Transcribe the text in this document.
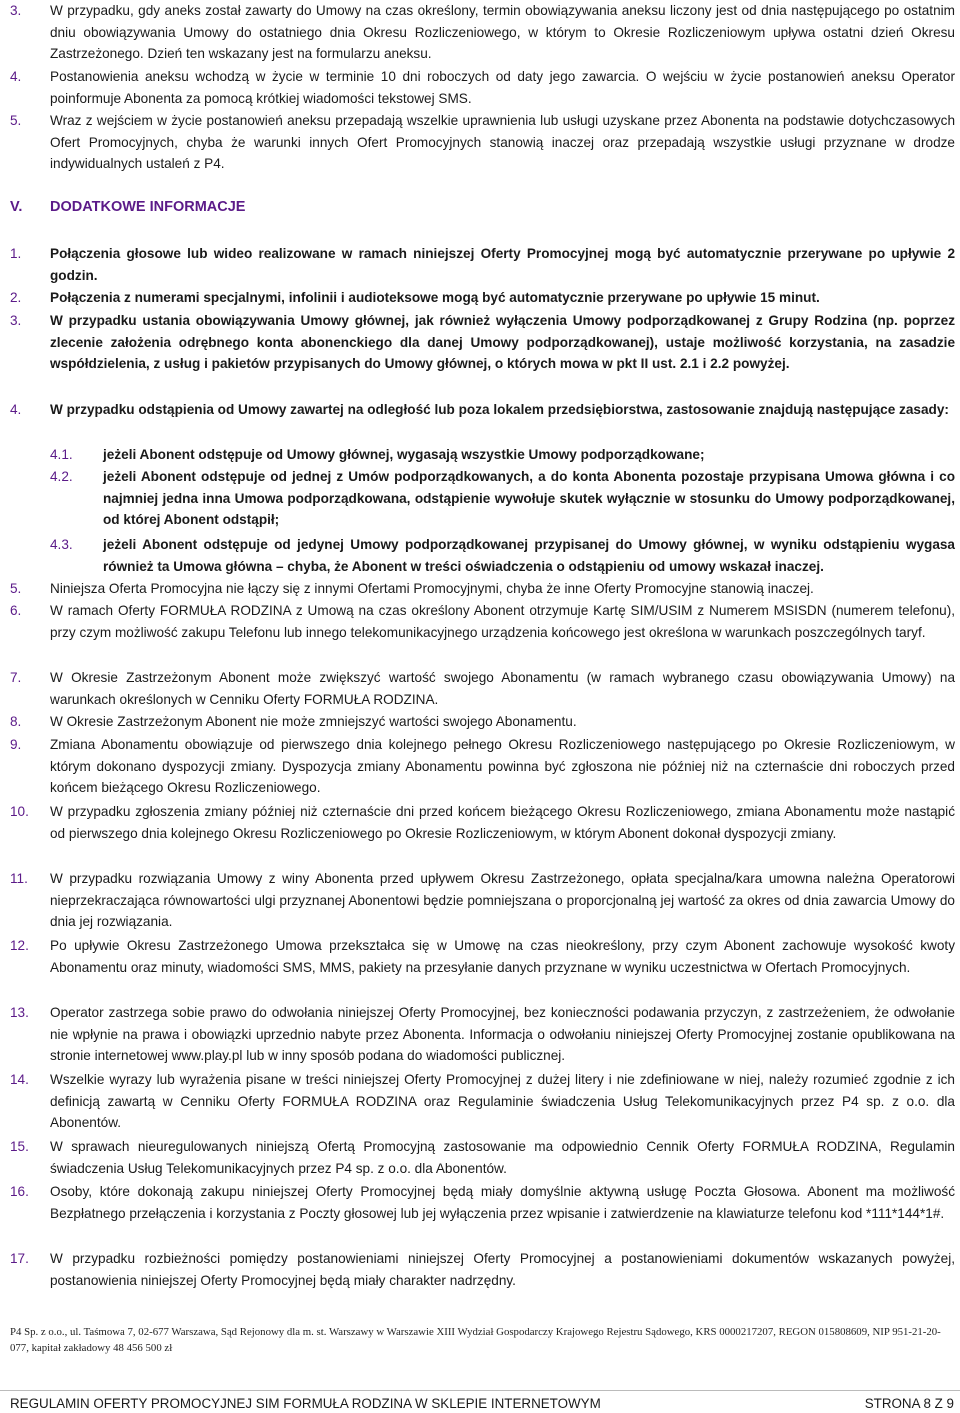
3. W przypadku, gdy aneks został zawarty do Umowy na czas określony, termin obowiązywania aneksu liczony jest od dnia następującego po ostatnim dniu obowiązywania Umowy do ostatniego dnia Okresu Rozliczeniowego, w którym to Okresie Rozliczeniowym upływa ostatni dzień Okresu Zastrzeżonego. Dzień ten wskazany jest na formularzu aneksu.
4. Postanowienia aneksu wchodzą w życie w terminie 10 dni roboczych od daty jego zawarcia. O wejściu w życie postanowień aneksu Operator poinformuje Abonenta za pomocą krótkiej wiadomości tekstowej SMS.
5. Wraz z wejściem w życie postanowień aneksu przepadają wszelkie uprawnienia lub usługi uzyskane przez Abonenta na podstawie dotychczasowych Ofert Promocyjnych, chyba że warunki innych Ofert Promocyjnych stanowią inaczej oraz przepadają wszystkie usługi przyznane w drodze indywidualnych ustaleń z P4.
V. DODATKOWE INFORMACJE
1. Połączenia głosowe lub wideo realizowane w ramach niniejszej Oferty Promocyjnej mogą być automatycznie przerywane po upływie 2 godzin.
2. Połączenia z numerami specjalnymi, infolinii i audioteksowe mogą być automatycznie przerywane po upływie 15 minut.
3. W przypadku ustania obowiązywania Umowy głównej, jak również wyłączenia Umowy podporządkowanej z Grupy Rodzina (np. poprzez zlecenie założenia odrębnego konta abonenckiego dla danej Umowy podporządkowanej), ustaje możliwość korzystania, na zasadzie współdzielenia, z usług i pakietów przypisanych do Umowy głównej, o których mowa w pkt II ust. 2.1 i 2.2 powyżej.
4. W przypadku odstąpienia od Umowy zawartej na odległość lub poza lokalem przedsiębiorstwa, zastosowanie znajdują następujące zasady:
4.1. jeżeli Abonent odstępuje od Umowy głównej, wygasają wszystkie Umowy podporządkowane;
4.2. jeżeli Abonent odstępuje od jednej z Umów podporządkowanych, a do konta Abonenta pozostaje przypisana Umowa główna i co najmniej jedna inna Umowa podporządkowana, odstąpienie wywołuje skutek wyłącznie w stosunku do Umowy podporządkowanej, od której Abonent odstąpił;
4.3. jeżeli Abonent odstępuje od jedynej Umowy podporządkowanej przypisanej do Umowy głównej, w wyniku odstąpieniu wygasa również ta Umowa główna – chyba, że Abonent w treści oświadczenia o odstąpieniu od umowy wskazał inaczej.
5. Niniejsza Oferta Promocyjna nie łączy się z innymi Ofertami Promocyjnymi, chyba że inne Oferty Promocyjne stanowią inaczej.
6. W ramach Oferty FORMUŁA RODZINA z Umową na czas określony Abonent otrzymuje Kartę SIM/USIM z Numerem MSISDN (numerem telefonu), przy czym możliwość zakupu Telefonu lub innego telekomunikacyjnego urządzenia końcowego jest określona w warunkach poszczególnych taryf.
7. W Okresie Zastrzeżonym Abonent może zwiększyć wartość swojego Abonamentu (w ramach wybranego czasu obowiązywania Umowy) na warunkach określonych w Cenniku Oferty FORMUŁA RODZINA.
8. W Okresie Zastrzeżonym Abonent nie może zmniejszyć wartości swojego Abonamentu.
9. Zmiana Abonamentu obowiązuje od pierwszego dnia kolejnego pełnego Okresu Rozliczeniowego następującego po Okresie Rozliczeniowym, w którym dokonano dyspozycji zmiany. Dyspozycja zmiany Abonamentu powinna być zgłoszona nie później niż na czternaście dni roboczych przed końcem bieżącego Okresu Rozliczeniowego.
10. W przypadku zgłoszenia zmiany później niż czternaście dni przed końcem bieżącego Okresu Rozliczeniowego, zmiana Abonamentu może nastąpić od pierwszego dnia kolejnego Okresu Rozliczeniowego po Okresie Rozliczeniowym, w którym Abonent dokonał dyspozycji zmiany.
11. W przypadku rozwiązania Umowy z winy Abonenta przed upływem Okresu Zastrzeżonego, opłata specjalna/kara umowna należna Operatorowi nieprzekraczająca równowartości ulgi przyznanej Abonentowi będzie pomniejszana o proporcjonalną jej wartość za okres od dnia zawarcia Umowy do dnia jej rozwiązania.
12. Po upływie Okresu Zastrzeżonego Umowa przekształca się w Umowę na czas nieokreślony, przy czym Abonent zachowuje wysokość kwoty Abonamentu oraz minuty, wiadomości SMS, MMS, pakiety na przesyłanie danych przyznane w wyniku uczestnictwa w Ofertach Promocyjnych.
13. Operator zastrzega sobie prawo do odwołania niniejszej Oferty Promocyjnej, bez konieczności podawania przyczyn, z zastrzeżeniem, że odwołanie nie wpłynie na prawa i obowiązki uprzednio nabyte przez Abonenta. Informacja o odwołaniu niniejszej Oferty Promocyjnej zostanie opublikowana na stronie internetowej www.play.pl lub w inny sposób podana do wiadomości publicznej.
14. Wszelkie wyrazy lub wyrażenia pisane w treści niniejszej Oferty Promocyjnej z dużej litery i nie zdefiniowane w niej, należy rozumieć zgodnie z ich definicją zawartą w Cenniku Oferty FORMUŁA RODZINA oraz Regulaminie świadczenia Usług Telekomunikacyjnych przez P4 sp. z o.o. dla Abonentów.
15. W sprawach nieuregulowanych niniejszą Ofertą Promocyjną zastosowanie ma odpowiednio Cennik Oferty FORMUŁA RODZINA, Regulamin świadczenia Usług Telekomunikacyjnych przez P4 sp. z o.o. dla Abonentów.
16. Osoby, które dokonają zakupu niniejszej Oferty Promocyjnej będą miały domyślnie aktywną usługę Poczta Głosowa. Abonent ma możliwość Bezpłatnego przełączenia i korzystania z Poczty głosowej lub jej wyłączenia przez wpisanie i zatwierdzenie na klawiaturze telefonu kod *111*144*1#.
17. W przypadku rozbieżności pomiędzy postanowieniami niniejszej Oferty Promocyjnej a postanowieniami dokumentów wskazanych powyżej, postanowienia niniejszej Oferty Promocyjnej będą miały charakter nadrzędny.
P4 Sp. z o.o., ul. Taśmowa 7, 02-677 Warszawa, Sąd Rejonowy dla m. st. Warszawy w Warszawie XIII Wydział Gospodarczy Krajowego Rejestru Sądowego, KRS 0000217207, REGON 015808609, NIP 951-21-20-077, kapitał zakładowy 48 456 500 zł
REGULAMIN OFERTY PROMOCYJNEJ SIM FORMUŁA RODZINA W SKLEPIE INTERNETOWYM	STRONA 8 Z 9
